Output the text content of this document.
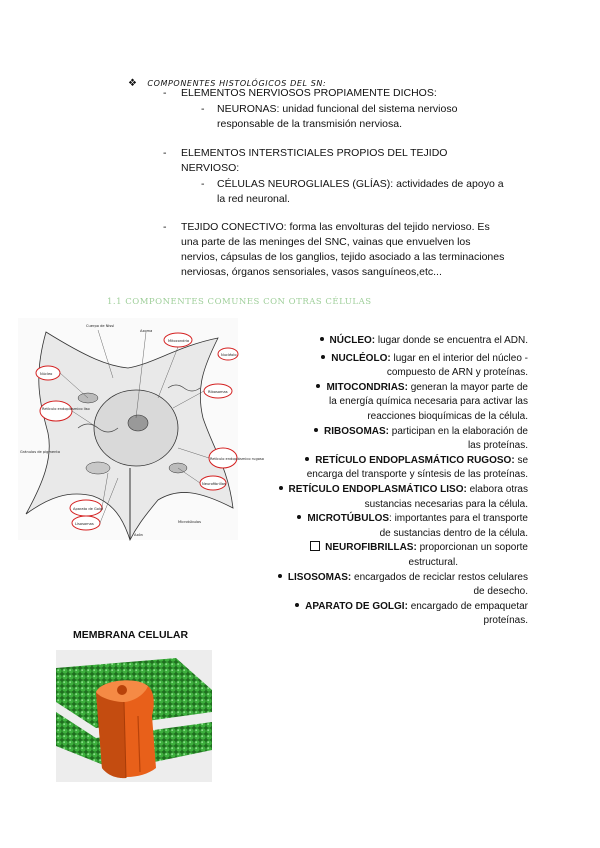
❖ COMPONENTES HISTOLÓGICOS DEL SN:
- ELEMENTOS NERVIOSOS PROPIAMENTE DICHOS:
- NEURONAS: unidad funcional del sistema nervioso
responsable de la transmisión nerviosa.
- ELEMENTOS INTERSTICIALES PROPIOS DEL TEJIDO
NERVIOSO:
- CÉLULAS NEUROGLIALES (GLÍAS): actividades de apoyo a
la red neuronal.
- TEJIDO CONECTIVO: forma las envolturas del tejido nervioso. Es
una parte de las meninges del SNC, vainas que envuelven los
nervios, cápsulas de los ganglios, tejido asociado a las terminaciones
nerviosas, órganos sensoriales, vasos sanguíneos,etc...
1.1 COMPONENTES COMUNES CON OTRAS CÉLULAS
Cuerpo de Nissl
Axoma
Núcleo
Mitocondria
Nucléolo
Ribosomas
Retículo endoplásmico liso
Retículo endoplásmico rugoso
Neurofibrillas
Gránulos de pigmento
Aparato de Golgi
Lisosomas	Microtúbulos
Axón
NÚCLEO: lugar donde se encuentra el ADN.
NUCLÉOLO: lugar en el interior del núcleo -
compuesto de ARN y proteínas.
MITOCONDRIAS: generan la mayor parte de
la energía química necesaria para activar las
reacciones bioquímicas de la célula.
RIBOSOMAS: participan en la elaboración de
las proteínas.
RETÍCULO ENDOPLASMÁTICO RUGOSO: se
encarga del transporte y síntesis de las proteínas.
RETÍCULO ENDOPLASMÁTICO LISO: elabora otras
sustancias necesarias para la célula.
MICROTÚBULOS: importantes para el transporte
de sustancias dentro de la célula.
NEUROFIBRILLAS: proporcionan un soporte
estructural.
LISOSOMAS: encargados de reciclar restos celulares
de desecho.
APARATO DE GOLGI: encargado de empaquetar
proteínas.
MEMBRANA CELULAR
